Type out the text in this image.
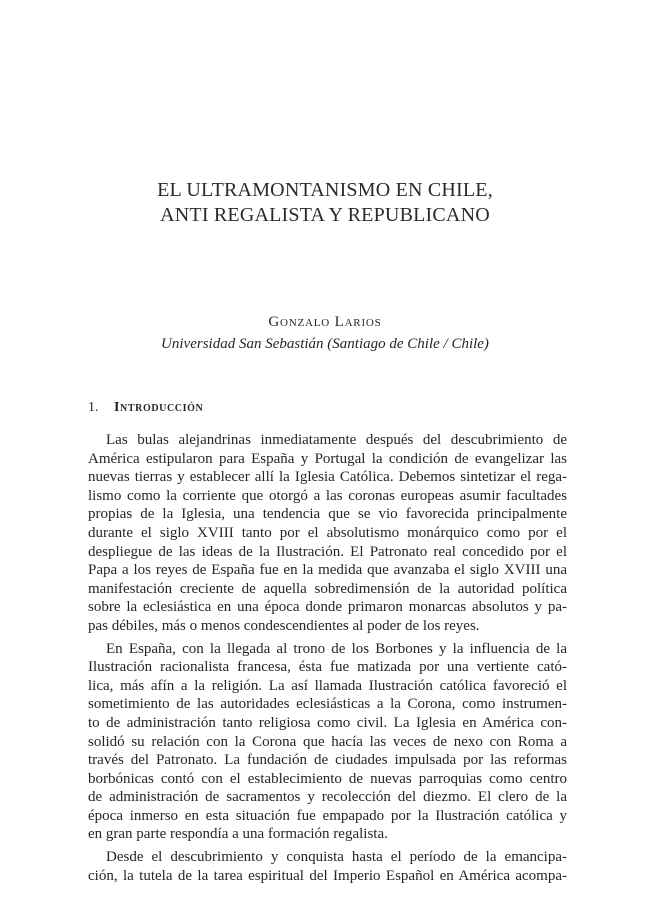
EL ULTRAMONTANISMO EN CHILE,
ANTI REGALISTA Y REPUBLICANO
Gonzalo Larios
Universidad San Sebastián (Santiago de Chile / Chile)
1. Introducción

Las bulas alejandrinas inmediatamente después del descubrimiento de
América estipularon para España y Portugal la condición de evangelizar las
nuevas tierras y establecer allí la Iglesia Católica. Debemos sintetizar el rega-
lismo como la corriente que otorgó a las coronas europeas asumir facultades
propias de la Iglesia, una tendencia que se vio favorecida principalmente
durante el siglo XVIII tanto por el absolutismo monárquico como por el
despliegue de las ideas de la Ilustración. El Patronato real concedido por el
Papa a los reyes de España fue en la medida que avanzaba el siglo XVIII una
manifestación creciente de aquella sobredimensión de la autoridad política
sobre la eclesiástica en una época donde primaron monarcas absolutos y pa-
pas débiles, más o menos condescendientes al poder de los reyes.

En España, con la llegada al trono de los Borbones y la influencia de la
Ilustración racionalista francesa, ésta fue matizada por una vertiente cató-
lica, más afín a la religión. La así llamada Ilustración católica favoreció el
sometimiento de las autoridades eclesiásticas a la Corona, como instrumen-
to de administración tanto religiosa como civil. La Iglesia en América con-
solidó su relación con la Corona que hacía las veces de nexo con Roma a
través del Patronato. La fundación de ciudades impulsada por las reformas
borbónicas contó con el establecimiento de nuevas parroquias como centro
de administración de sacramentos y recolección del diezmo. El clero de la
época inmerso en esta situación fue empapado por la Ilustración católica y
en gran parte respondía a una formación regalista.

Desde el descubrimiento y conquista hasta el período de la emancipa-
ción, la tutela de la tarea espiritual del Imperio Español en América acompa-
